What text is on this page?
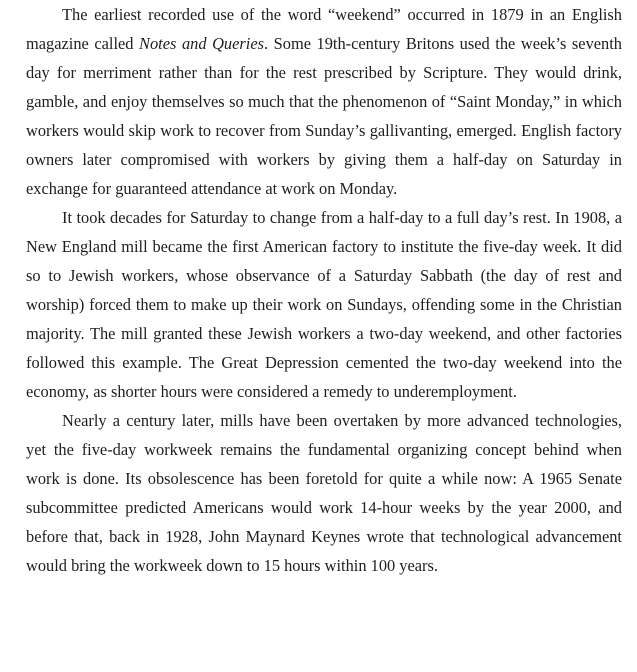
The earliest recorded use of the word “weekend” occurred in 1879 in an English magazine called Notes and Queries. Some 19th-century Britons used the week’s seventh day for merriment rather than for the rest prescribed by Scripture. They would drink, gamble, and enjoy themselves so much that the phenomenon of “Saint Monday,” in which workers would skip work to recover from Sunday’s gallivanting, emerged. English factory owners later compromised with workers by giving them a half-day on Saturday in exchange for guaranteed attendance at work on Monday.

It took decades for Saturday to change from a half-day to a full day’s rest. In 1908, a New England mill became the first American factory to institute the five-day week. It did so to Jewish workers, whose observance of a Saturday Sabbath (the day of rest and worship) forced them to make up their work on Sundays, offending some in the Christian majority. The mill granted these Jewish workers a two-day weekend, and other factories followed this example. The Great Depression cemented the two-day weekend into the economy, as shorter hours were considered a remedy to underemployment.

Nearly a century later, mills have been overtaken by more advanced technologies, yet the five-day workweek remains the fundamental organizing concept behind when work is done. Its obsolescence has been foretold for quite a while now: A 1965 Senate subcommittee predicted Americans would work 14-hour weeks by the year 2000, and before that, back in 1928, John Maynard Keynes wrote that technological advancement would bring the workweek down to 15 hours within 100 years.
